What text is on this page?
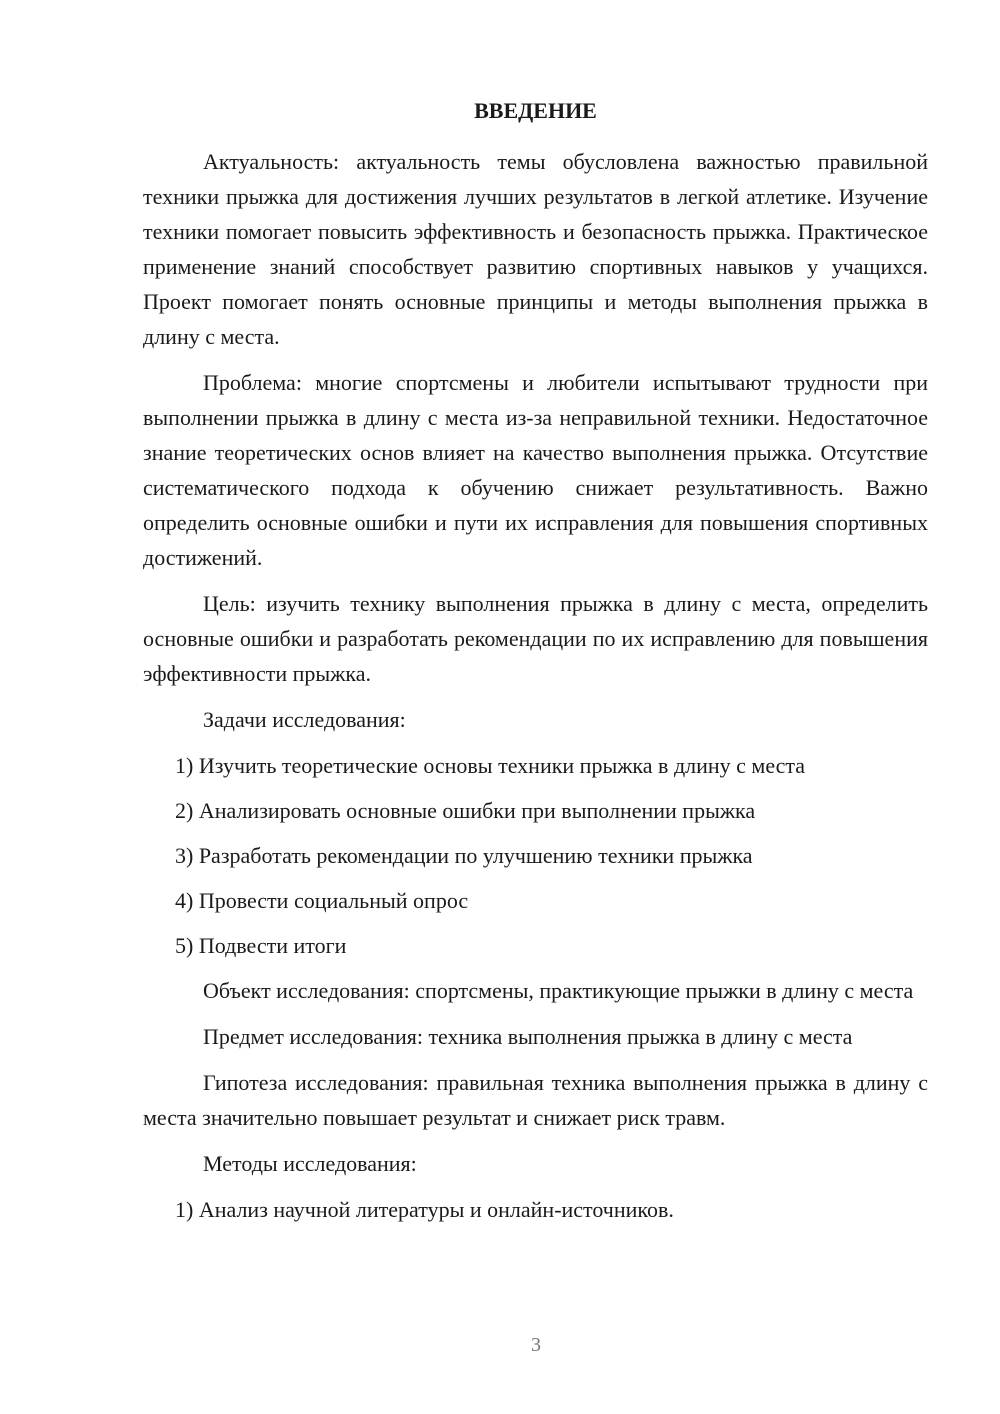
ВВЕДЕНИЕ

Актуальность: актуальность темы обусловлена важностью правильной техники прыжка для достижения лучших результатов в легкой атлетике. Изучение техники помогает повысить эффективность и безопасность прыжка. Практическое применение знаний способствует развитию спортивных навыков у учащихся. Проект помогает понять основные принципы и методы выполнения прыжка в длину с места.

Проблема: многие спортсмены и любители испытывают трудности при выполнении прыжка в длину с места из-за неправильной техники. Недостаточное знание теоретических основ влияет на качество выполнения прыжка. Отсутствие систематического подхода к обучению снижает результативность. Важно определить основные ошибки и пути их исправления для повышения спортивных достижений.

Цель: изучить технику выполнения прыжка в длину с места, определить основные ошибки и разработать рекомендации по их исправлению для повышения эффективности прыжка.

Задачи исследования:

1) Изучить теоретические основы техники прыжка в длину с места
2) Анализировать основные ошибки при выполнении прыжка
3) Разработать рекомендации по улучшению техники прыжка
4) Провести социальный опрос
5) Подвести итоги

Объект исследования: спортсмены, практикующие прыжки в длину с места

Предмет исследования: техника выполнения прыжка в длину с места

Гипотеза исследования: правильная техника выполнения прыжка в длину с места значительно повышает результат и снижает риск травм.

Методы исследования:

1) Анализ научной литературы и онлайн-источников.
3
